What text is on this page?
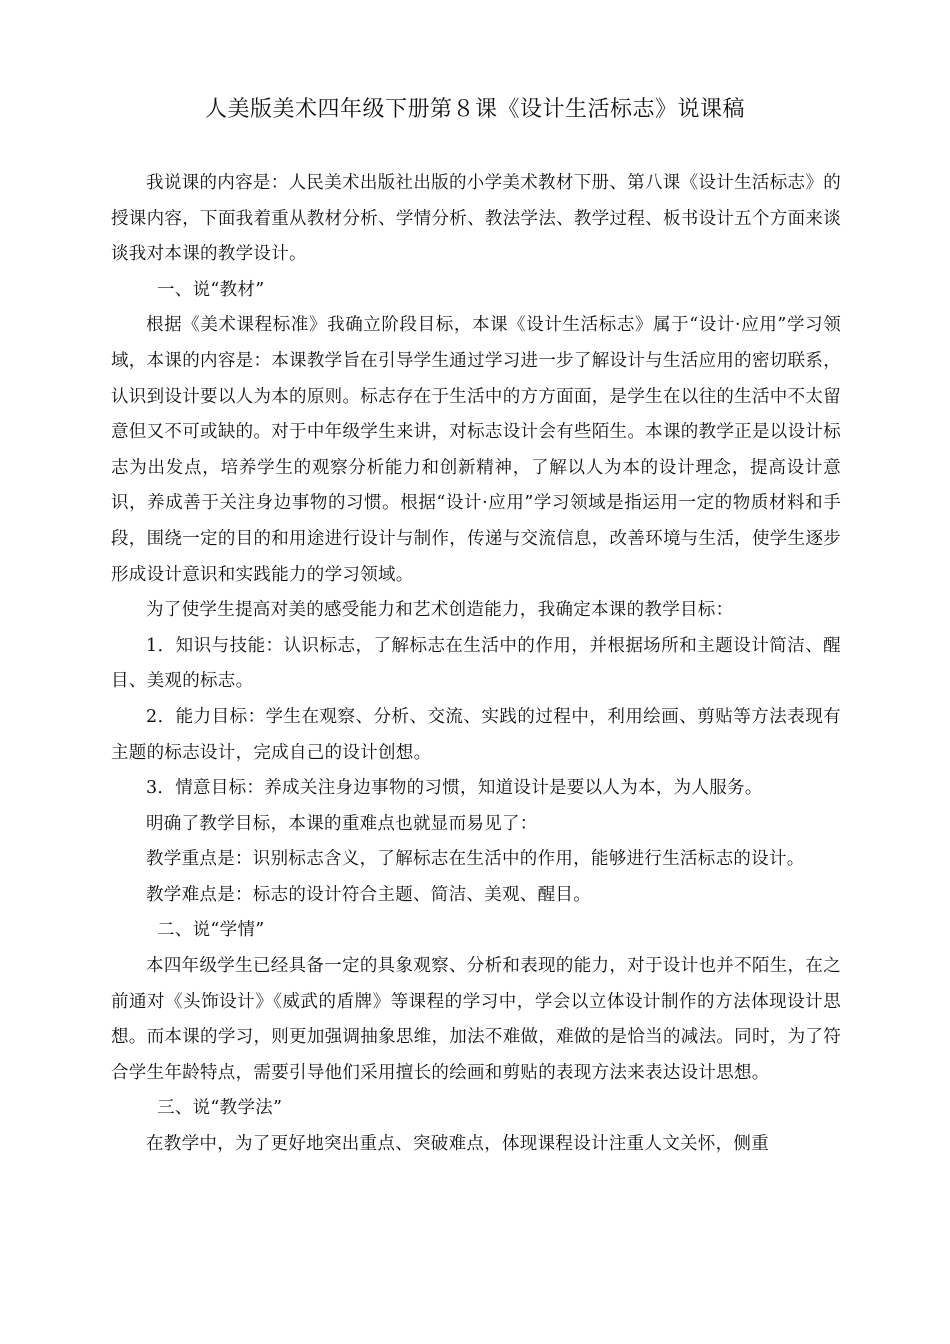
人美版美术四年级下册第８课《设计生活标志》说课稿

我说课的内容是：人民美术出版社出版的小学美术教材下册、第八课《设计生活标志》的授课内容，下面我着重从教材分析、学情分析、教法学法、教学过程、板书设计五个方面来谈谈我对本课的教学设计。

一、说“教材”

根据《美术课程标准》我确立阶段目标，本课《设计生活标志》属于“设计·应用”学习领域，本课的内容是：本课教学旨在引导学生通过学习进一步了解设计与生活应用的密切联系，认识到设计要以人为本的原则。标志存在于生活中的方方面面，是学生在以往的生活中不太留意但又不可或缺的。对于中年级学生来讲，对标志设计会有些陌生。本课的教学正是以设计标志为出发点，培养学生的观察分析能力和创新精神，了解以人为本的设计理念，提高设计意识，养成善于关注身边事物的习惯。根据“设计·应用”学习领域是指运用一定的物质材料和手段，围绕一定的目的和用途进行设计与制作，传递与交流信息，改善环境与生活，使学生逐步形成设计意识和实践能力的学习领域。

为了使学生提高对美的感受能力和艺术创造能力，我确定本课的教学目标：

1．知识与技能：认识标志，了解标志在生活中的作用，并根据场所和主题设计简洁、醒目、美观的标志。

2．能力目标：学生在观察、分析、交流、实践的过程中，利用绘画、剪贴等方法表现有主题的标志设计，完成自己的设计创想。

3．情意目标：养成关注身边事物的习惯，知道设计是要以人为本，为人服务。

明确了教学目标，本课的重难点也就显而易见了：

教学重点是：识别标志含义，了解标志在生活中的作用，能够进行生活标志的设计。

教学难点是：标志的设计符合主题、简洁、美观、醒目。

二、说“学情”

本四年级学生已经具备一定的具象观察、分析和表现的能力，对于设计也并不陌生，在之前通对《头饰设计》《威武的盾牌》等课程的学习中，学会以立体设计制作的方法体现设计思想。而本课的学习，则更加强调抽象思维，加法不难做，难做的是恰当的减法。同时，为了符合学生年龄特点，需要引导他们采用擅长的绘画和剪贴的表现方法来表达设计思想。

三、说“教学法”

在教学中，为了更好地突出重点、突破难点，体现课程设计注重人文关怀，侧重
